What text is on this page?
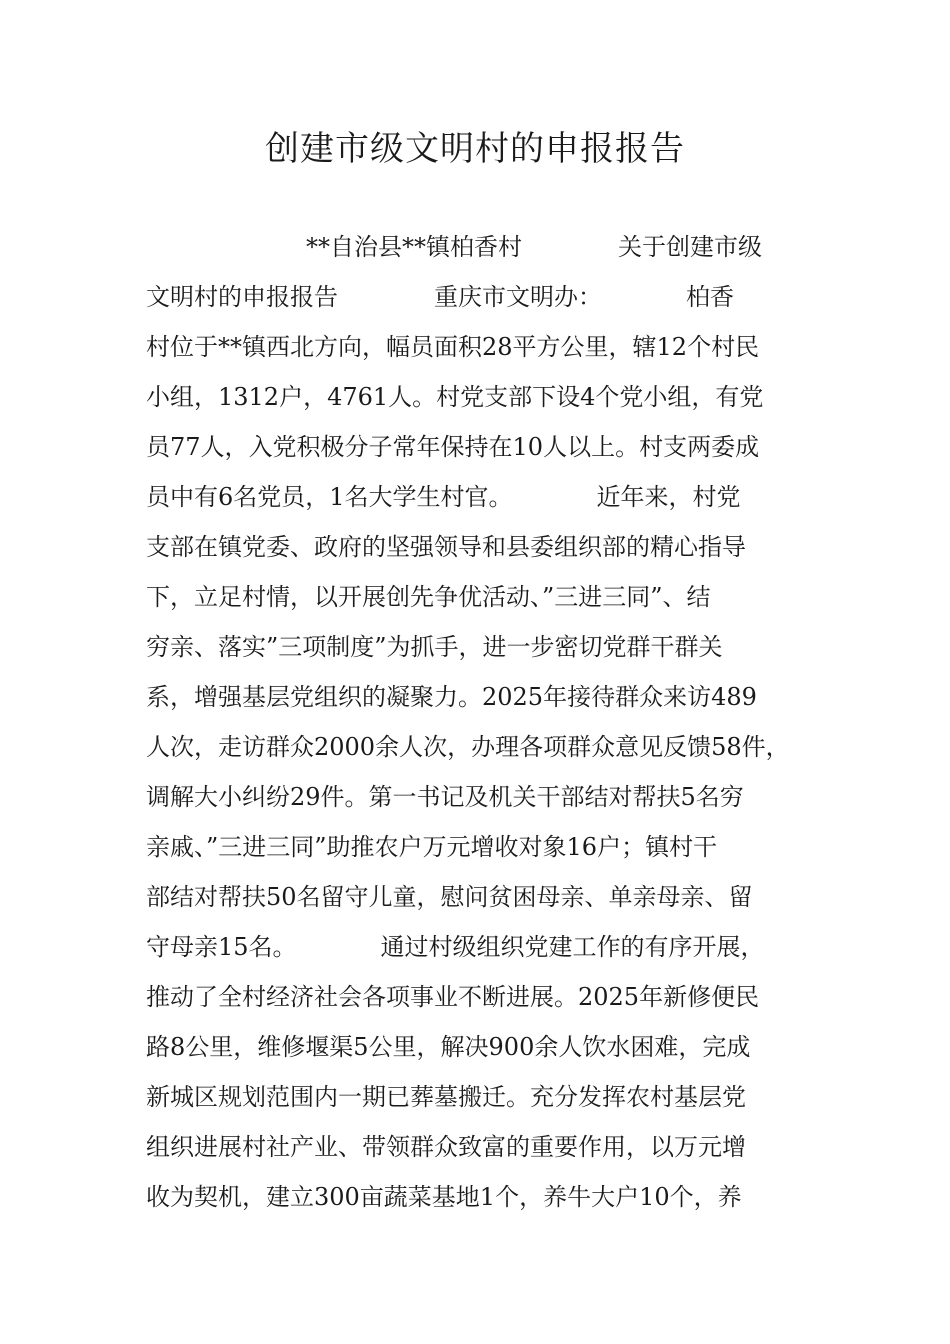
创建市级文明村的申报报告
**自治县**镇柏香村　　　　关于创建市级
文明村的申报报告　　　　重庆市文明办：　　　　柏香
村位于**镇西北方向，幅员面积28平方公里，辖12个村民
小组，1312户，4761人。村党支部下设4个党小组，有党
员77人，入党积极分子常年保持在10人以上。村支两委成
员中有6名党员，1名大学生村官。　　　　近年来，村党
支部在镇党委、政府的坚强领导和县委组织部的精心指导
下，立足村情，以开展创先争优活动、”三进三同”、结
穷亲、落实”三项制度”为抓手，进一步密切党群干群关
系，增强基层党组织的凝聚力。2025年接待群众来访489
人次，走访群众2000余人次，办理各项群众意见反馈58件，
调解大小纠纷29件。第一书记及机关干部结对帮扶5名穷
亲戚、”三进三同”助推农户万元增收对象16户；镇村干
部结对帮扶50名留守儿童，慰问贫困母亲、单亲母亲、留
守母亲15名。　　　　通过村级组织党建工作的有序开展，
推动了全村经济社会各项事业不断进展。2025年新修便民
路8公里，维修堰渠5公里，解决900余人饮水困难，完成
新城区规划范围内一期已葬墓搬迁。充分发挥农村基层党
组织进展村社产业、带领群众致富的重要作用，以万元增
收为契机，建立300亩蔬菜基地1个，养牛大户10个，养
